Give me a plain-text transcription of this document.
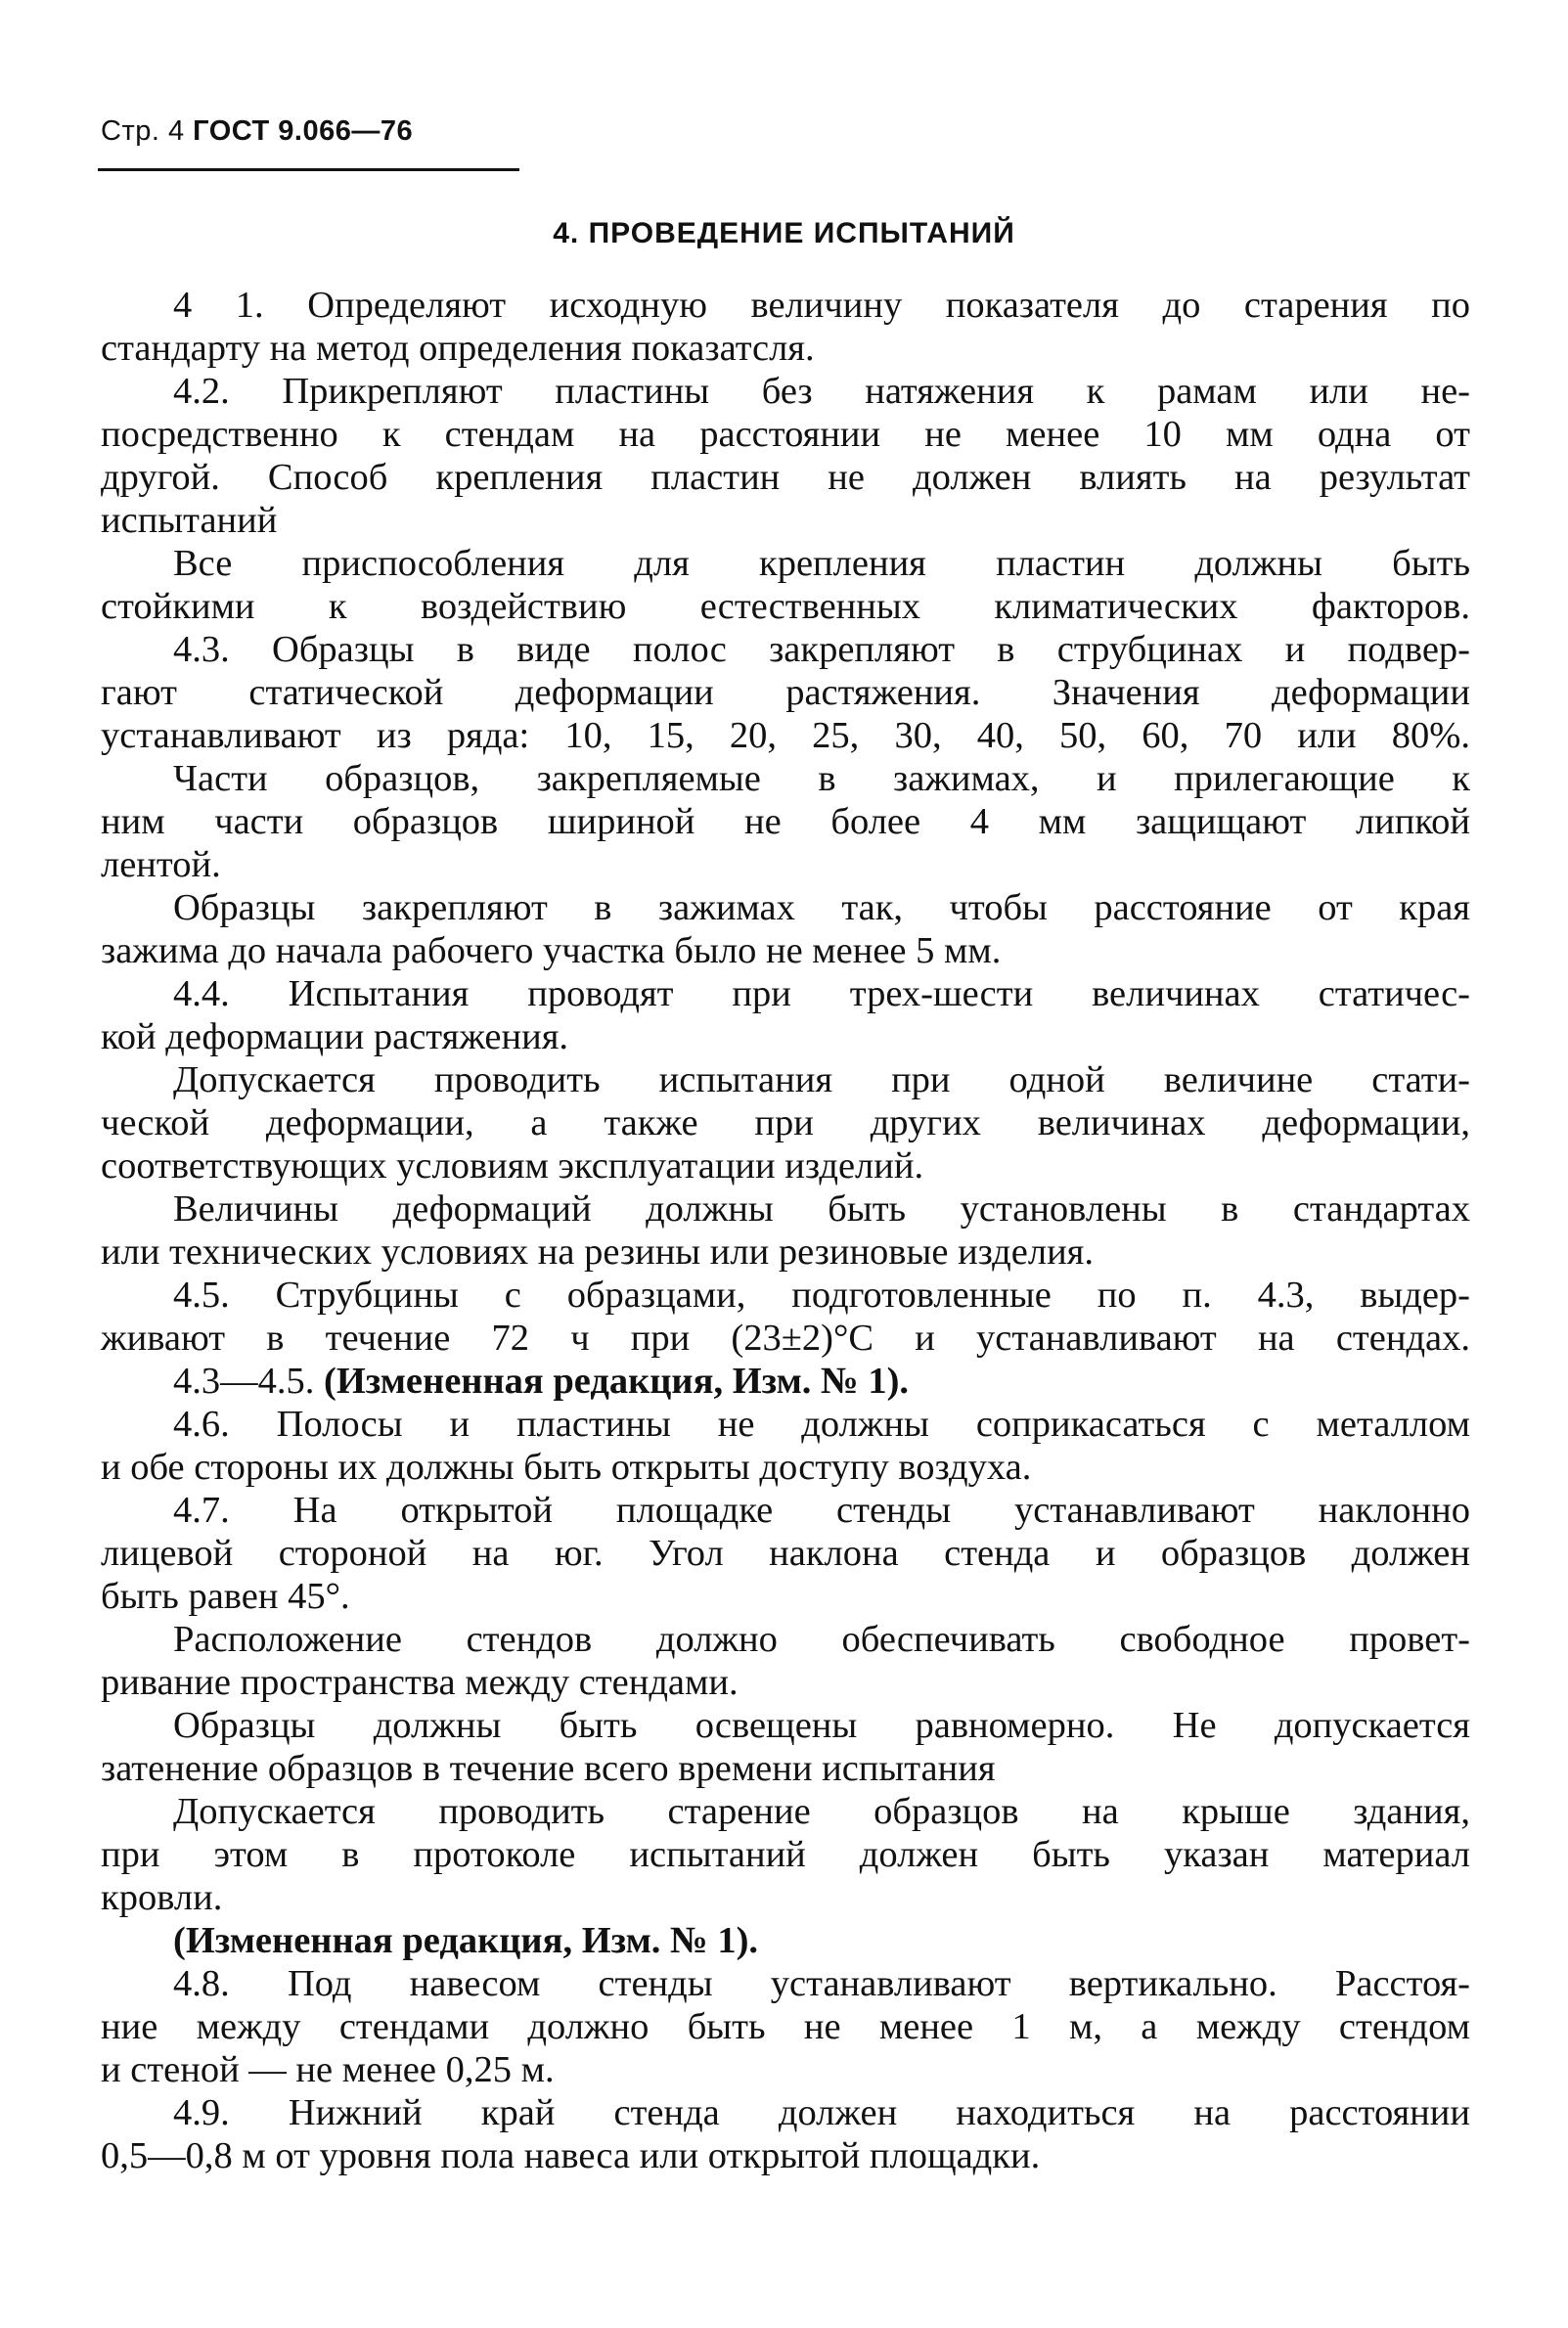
Стр. 4 ГОСТ 9.066—76
4. ПРОВЕДЕНИЕ ИСПЫТАНИЙ
4 1. Определяют исходную величину показателя до старения по
стандарту на метод определения показатсля.
4.2. Прикрепляют пластины без натяжения к рамам или не-
посредственно к стендам на расстоянии не менее 10 мм одна от
другой. Способ крепления пластин не должен влиять на результат
испытаний
Все приспособления для крепления пластин должны быть
стойкими к воздействию естественных климатических факторов.
4.3. Образцы в виде полос закрепляют в струбцинах и подвер-
гают статической деформации растяжения. Значения деформации
устанавливают из ряда: 10, 15, 20, 25, 30, 40, 50, 60, 70 или 80%.
Части образцов, закрепляемые в зажимах, и прилегающие к
ним части образцов шириной не более 4 мм защищают липкой
лентой.
Образцы закрепляют в зажимах так, чтобы расстояние от края
зажима до начала рабочего участка было не менее 5 мм.
4.4. Испытания проводят при трех-шести величинах статичес-
кой деформации растяжения.
Допускается проводить испытания при одной величине стати-
ческой деформации, а также при других величинах деформации,
соответствующих условиям эксплуатации изделий.
Величины деформаций должны быть установлены в стандартах
или технических условиях на резины или резиновые изделия.
4.5. Струбцины с образцами, подготовленные по п. 4.3, выдер-
живают в течение 72 ч при (23±2)°С и устанавливают на стендах.
4.3—4.5. (Измененная редакция, Изм. № 1).
4.6. Полосы и пластины не должны соприкасаться с металлом
и обе стороны их должны быть открыты доступу воздуха.
4.7. На открытой площадке стенды устанавливают наклонно
лицевой стороной на юг. Угол наклона стенда и образцов должен
быть равен 45°.
Расположение стендов должно обеспечивать свободное провет-
ривание пространства между стендами.
Образцы должны быть освещены равномерно. Не допускается
затенение образцов в течение всего времени испытания
Допускается проводить старение образцов на крыше здания,
при этом в протоколе испытаний должен быть указан материал
кровли.
(Измененная редакция, Изм. № 1).
4.8. Под навесом стенды устанавливают вертикально. Расстоя-
ние между стендами должно быть не менее 1 м, а между стендом
и стеной — не менее 0,25 м.
4.9. Нижний край стенда должен находиться на расстоянии
0,5—0,8 м от уровня пола навеса или открытой площадки.
